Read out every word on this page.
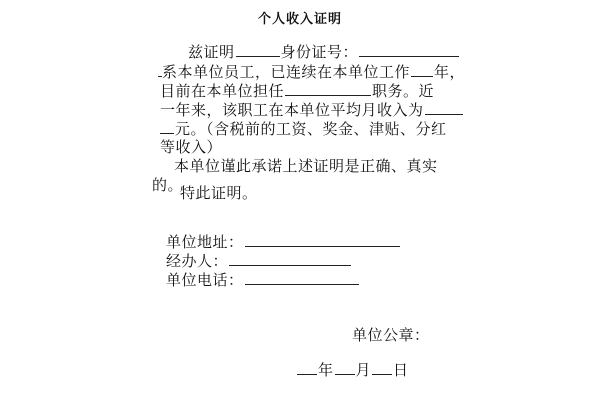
个人收入证明
兹证明	身份证号：
系本单位员工，已连续在本单位工作 年，
目前在本单位担任	职务。近
一年来，该职工在本单位平均月收入为
元。（含税前的工资、奖金、津贴、分红
等收入）
本单位谨此承诺上述证明是正确、真实
的。
特此证明。
单位地址：
经办人：
单位电话：
单位公章：
年 月 日
